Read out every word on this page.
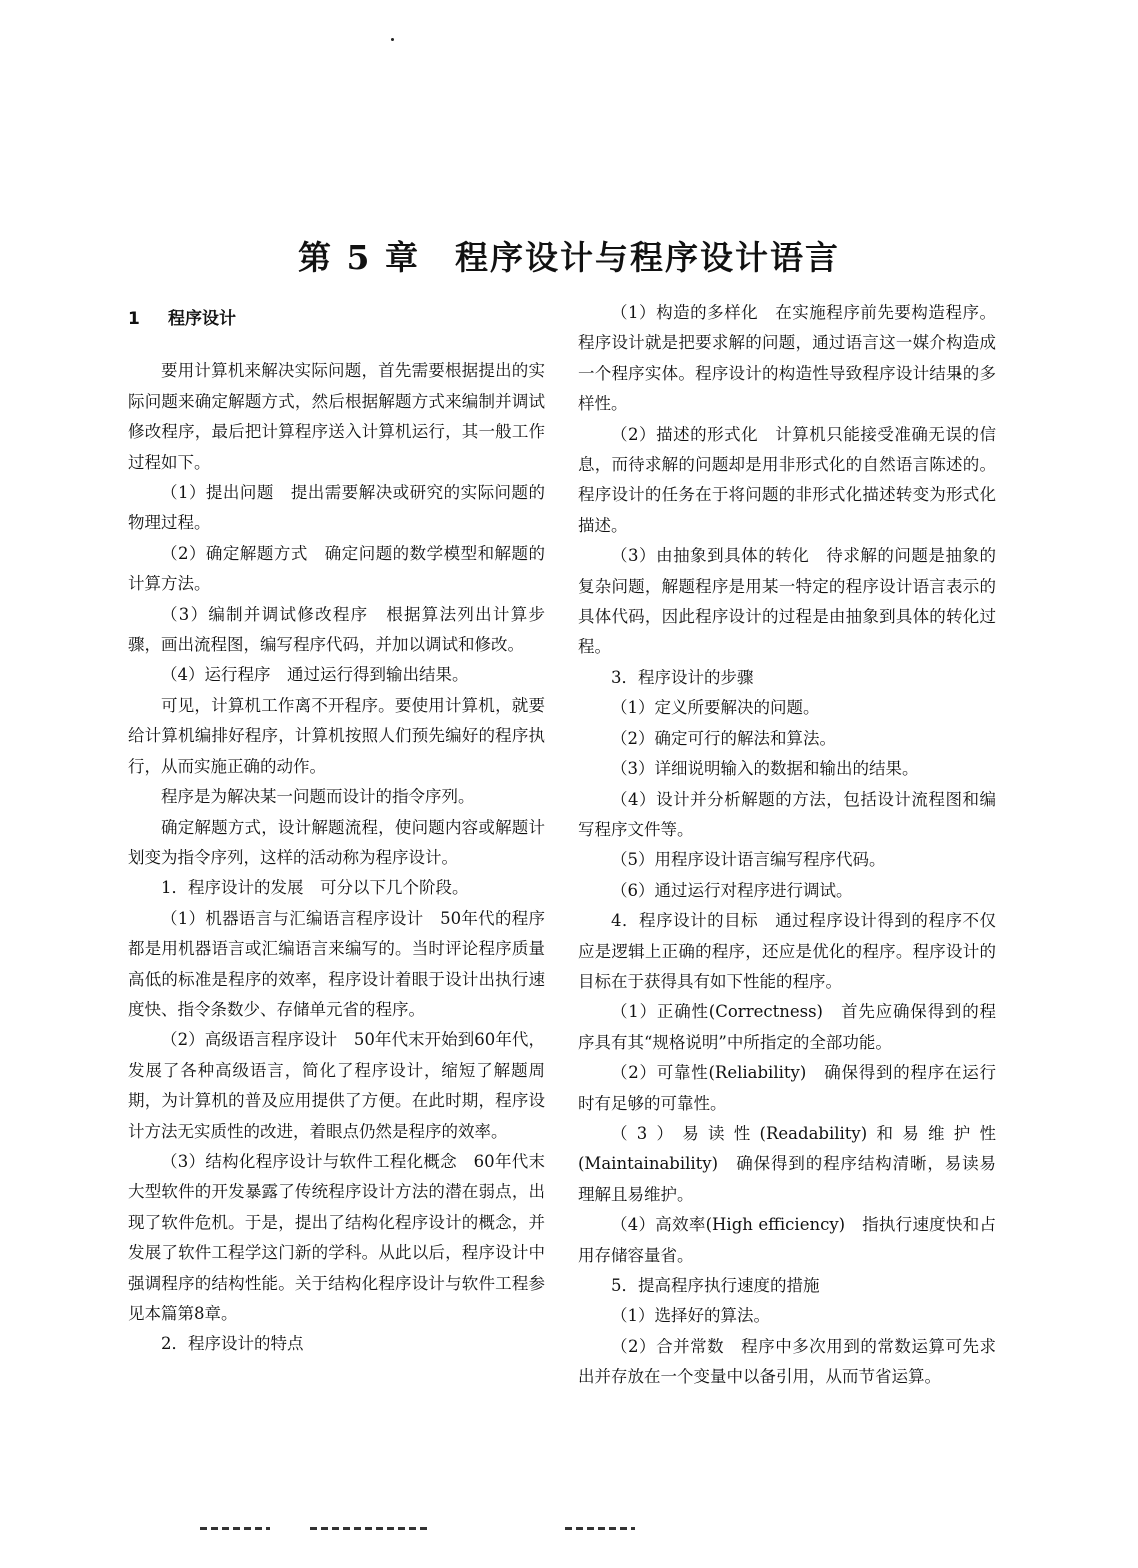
第 5 章　程序设计与程序设计语言

1 程序设计

要用计算机来解决实际问题，首先需要根据提出的实际问题来确定解题方式，然后根据解题方式来编制并调试修改程序，最后把计算程序送入计算机运行，其一般工作过程如下。

（1）提出问题　提出需要解决或研究的实际问题的物理过程。

（2）确定解题方式　确定问题的数学模型和解题的计算方法。

（3）编制并调试修改程序　根据算法列出计算步骤，画出流程图，编写程序代码，并加以调试和修改。

（4）运行程序　通过运行得到输出结果。

可见，计算机工作离不开程序。要使用计算机，就要给计算机编排好程序，计算机按照人们预先编好的程序执行，从而实施正确的动作。

程序是为解决某一问题而设计的指令序列。

确定解题方式，设计解题流程，使问题内容或解题计划变为指令序列，这样的活动称为程序设计。

1．程序设计的发展　可分以下几个阶段。

（1）机器语言与汇编语言程序设计　50年代的程序都是用机器语言或汇编语言来编写的。当时评论程序质量高低的标准是程序的效率，程序设计着眼于设计出执行速度快、指令条数少、存储单元省的程序。

（2）高级语言程序设计　50年代末开始到60年代，发展了各种高级语言，简化了程序设计，缩短了解题周期，为计算机的普及应用提供了方便。在此时期，程序设计方法无实质性的改进，着眼点仍然是程序的效率。

（3）结构化程序设计与软件工程化概念　60年代末大型软件的开发暴露了传统程序设计方法的潜在弱点，出现了软件危机。于是，提出了结构化程序设计的概念，并发展了软件工程学这门新的学科。从此以后，程序设计中强调程序的结构性能。关于结构化程序设计与软件工程参见本篇第8章。

2．程序设计的特点

（1）构造的多样化　在实施程序前先要构造程序。程序设计就是把要求解的问题，通过语言这一媒介构造成一个程序实体。程序设计的构造性导致程序设计结果的多样性。

（2）描述的形式化　计算机只能接受准确无误的信息，而待求解的问题却是用非形式化的自然语言陈述的。程序设计的任务在于将问题的非形式化描述转变为形式化描述。

（3）由抽象到具体的转化　待求解的问题是抽象的复杂问题，解题程序是用某一特定的程序设计语言表示的具体代码，因此程序设计的过程是由抽象到具体的转化过程。

3．程序设计的步骤

（1）定义所要解决的问题。

（2）确定可行的解法和算法。

（3）详细说明输入的数据和输出的结果。

（4）设计并分析解题的方法，包括设计流程图和编写程序文件等。

（5）用程序设计语言编写程序代码。

（6）通过运行对程序进行调试。

4．程序设计的目标　通过程序设计得到的程序不仅应是逻辑上正确的程序，还应是优化的程序。程序设计的目标在于获得具有如下性能的程序。

（1）正确性(Correctness)　首先应确保得到的程序具有其“规格说明”中所指定的全部功能。

（2）可靠性(Reliability)　确保得到的程序在运行时有足够的可靠性。

（3）易读性(Readability)和易维护性(Maintainability)　确保得到的程序结构清晰，易读易理解且易维护。

（4）高效率(High efficiency)　指执行速度快和占用存储容量省。

5．提高程序执行速度的措施

（1）选择好的算法。

（2）合并常数　程序中多次用到的常数运算可先求出并存放在一个变量中以备引用，从而节省运算。
